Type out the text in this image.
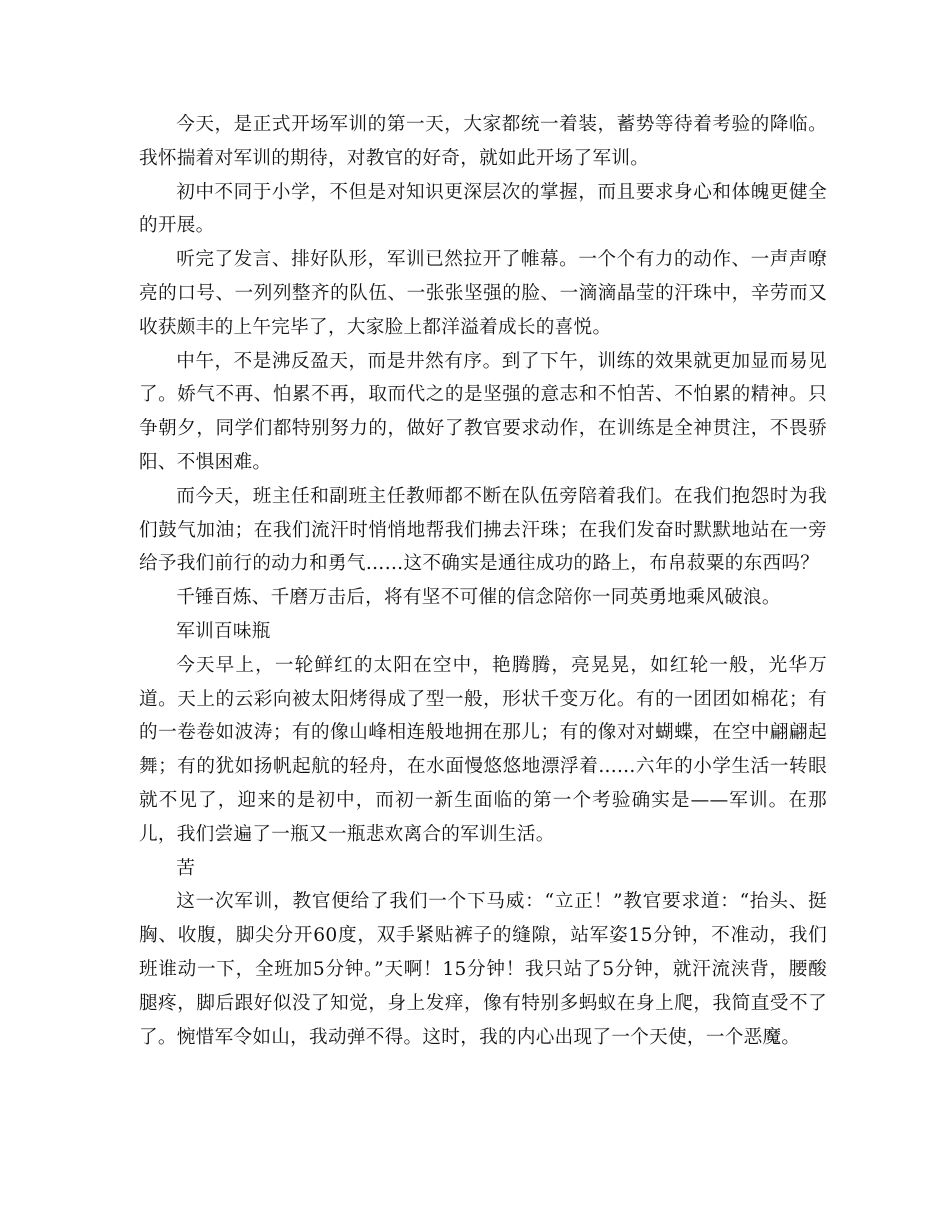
今天，是正式开场军训的第一天，大家都统一着装，蓄势等待着考验的降临。我怀揣着对军训的期待，对教官的好奇，就如此开场了军训。

初中不同于小学，不但是对知识更深层次的掌握，而且要求身心和体魄更健全的开展。

听完了发言、排好队形，军训已然拉开了帷幕。一个个有力的动作、一声声嘹亮的口号、一列列整齐的队伍、一张张坚强的脸、一滴滴晶莹的汗珠中，辛劳而又收获颇丰的上午完毕了，大家脸上都洋溢着成长的喜悦。

中午，不是沸反盈天，而是井然有序。到了下午，训练的效果就更加显而易见了。娇气不再、怕累不再，取而代之的是坚强的意志和不怕苦、不怕累的精神。只争朝夕，同学们都特别努力的，做好了教官要求动作，在训练是全神贯注，不畏骄阳、不惧困难。

而今天，班主任和副班主任教师都不断在队伍旁陪着我们。在我们抱怨时为我们鼓气加油；在我们流汗时悄悄地帮我们拂去汗珠；在我们发奋时默默地站在一旁给予我们前行的动力和勇气……这不确实是通往成功的路上，布帛菽粟的东西吗？

千锤百炼、千磨万击后，将有坚不可催的信念陪你一同英勇地乘风破浪。

军训百味瓶

今天早上，一轮鲜红的太阳在空中，艳腾腾，亮晃晃，如红轮一般，光华万道。天上的云彩向被太阳烤得成了型一般，形状千变万化。有的一团团如棉花；有的一卷卷如波涛；有的像山峰相连般地拥在那儿；有的像对对蝴蝶，在空中翩翩起舞；有的犹如扬帆起航的轻舟，在水面慢悠悠地漂浮着......六年的小学生活一转眼就不见了，迎来的是初中，而初一新生面临的第一个考验确实是——军训。在那儿，我们尝遍了一瓶又一瓶悲欢离合的军训生活。

苦

这一次军训，教官便给了我们一个下马威：“立正！”教官要求道：“抬头、挺胸、收腹，脚尖分开60度，双手紧贴裤子的缝隙，站军姿15分钟，不准动，我们班谁动一下，全班加5分钟。”天啊！15分钟！我只站了5分钟，就汗流浃背，腰酸腿疼，脚后跟好似没了知觉，身上发痒，像有特别多蚂蚁在身上爬，我简直受不了了。惋惜军令如山，我动弹不得。这时，我的内心出现了一个天使，一个恶魔。
